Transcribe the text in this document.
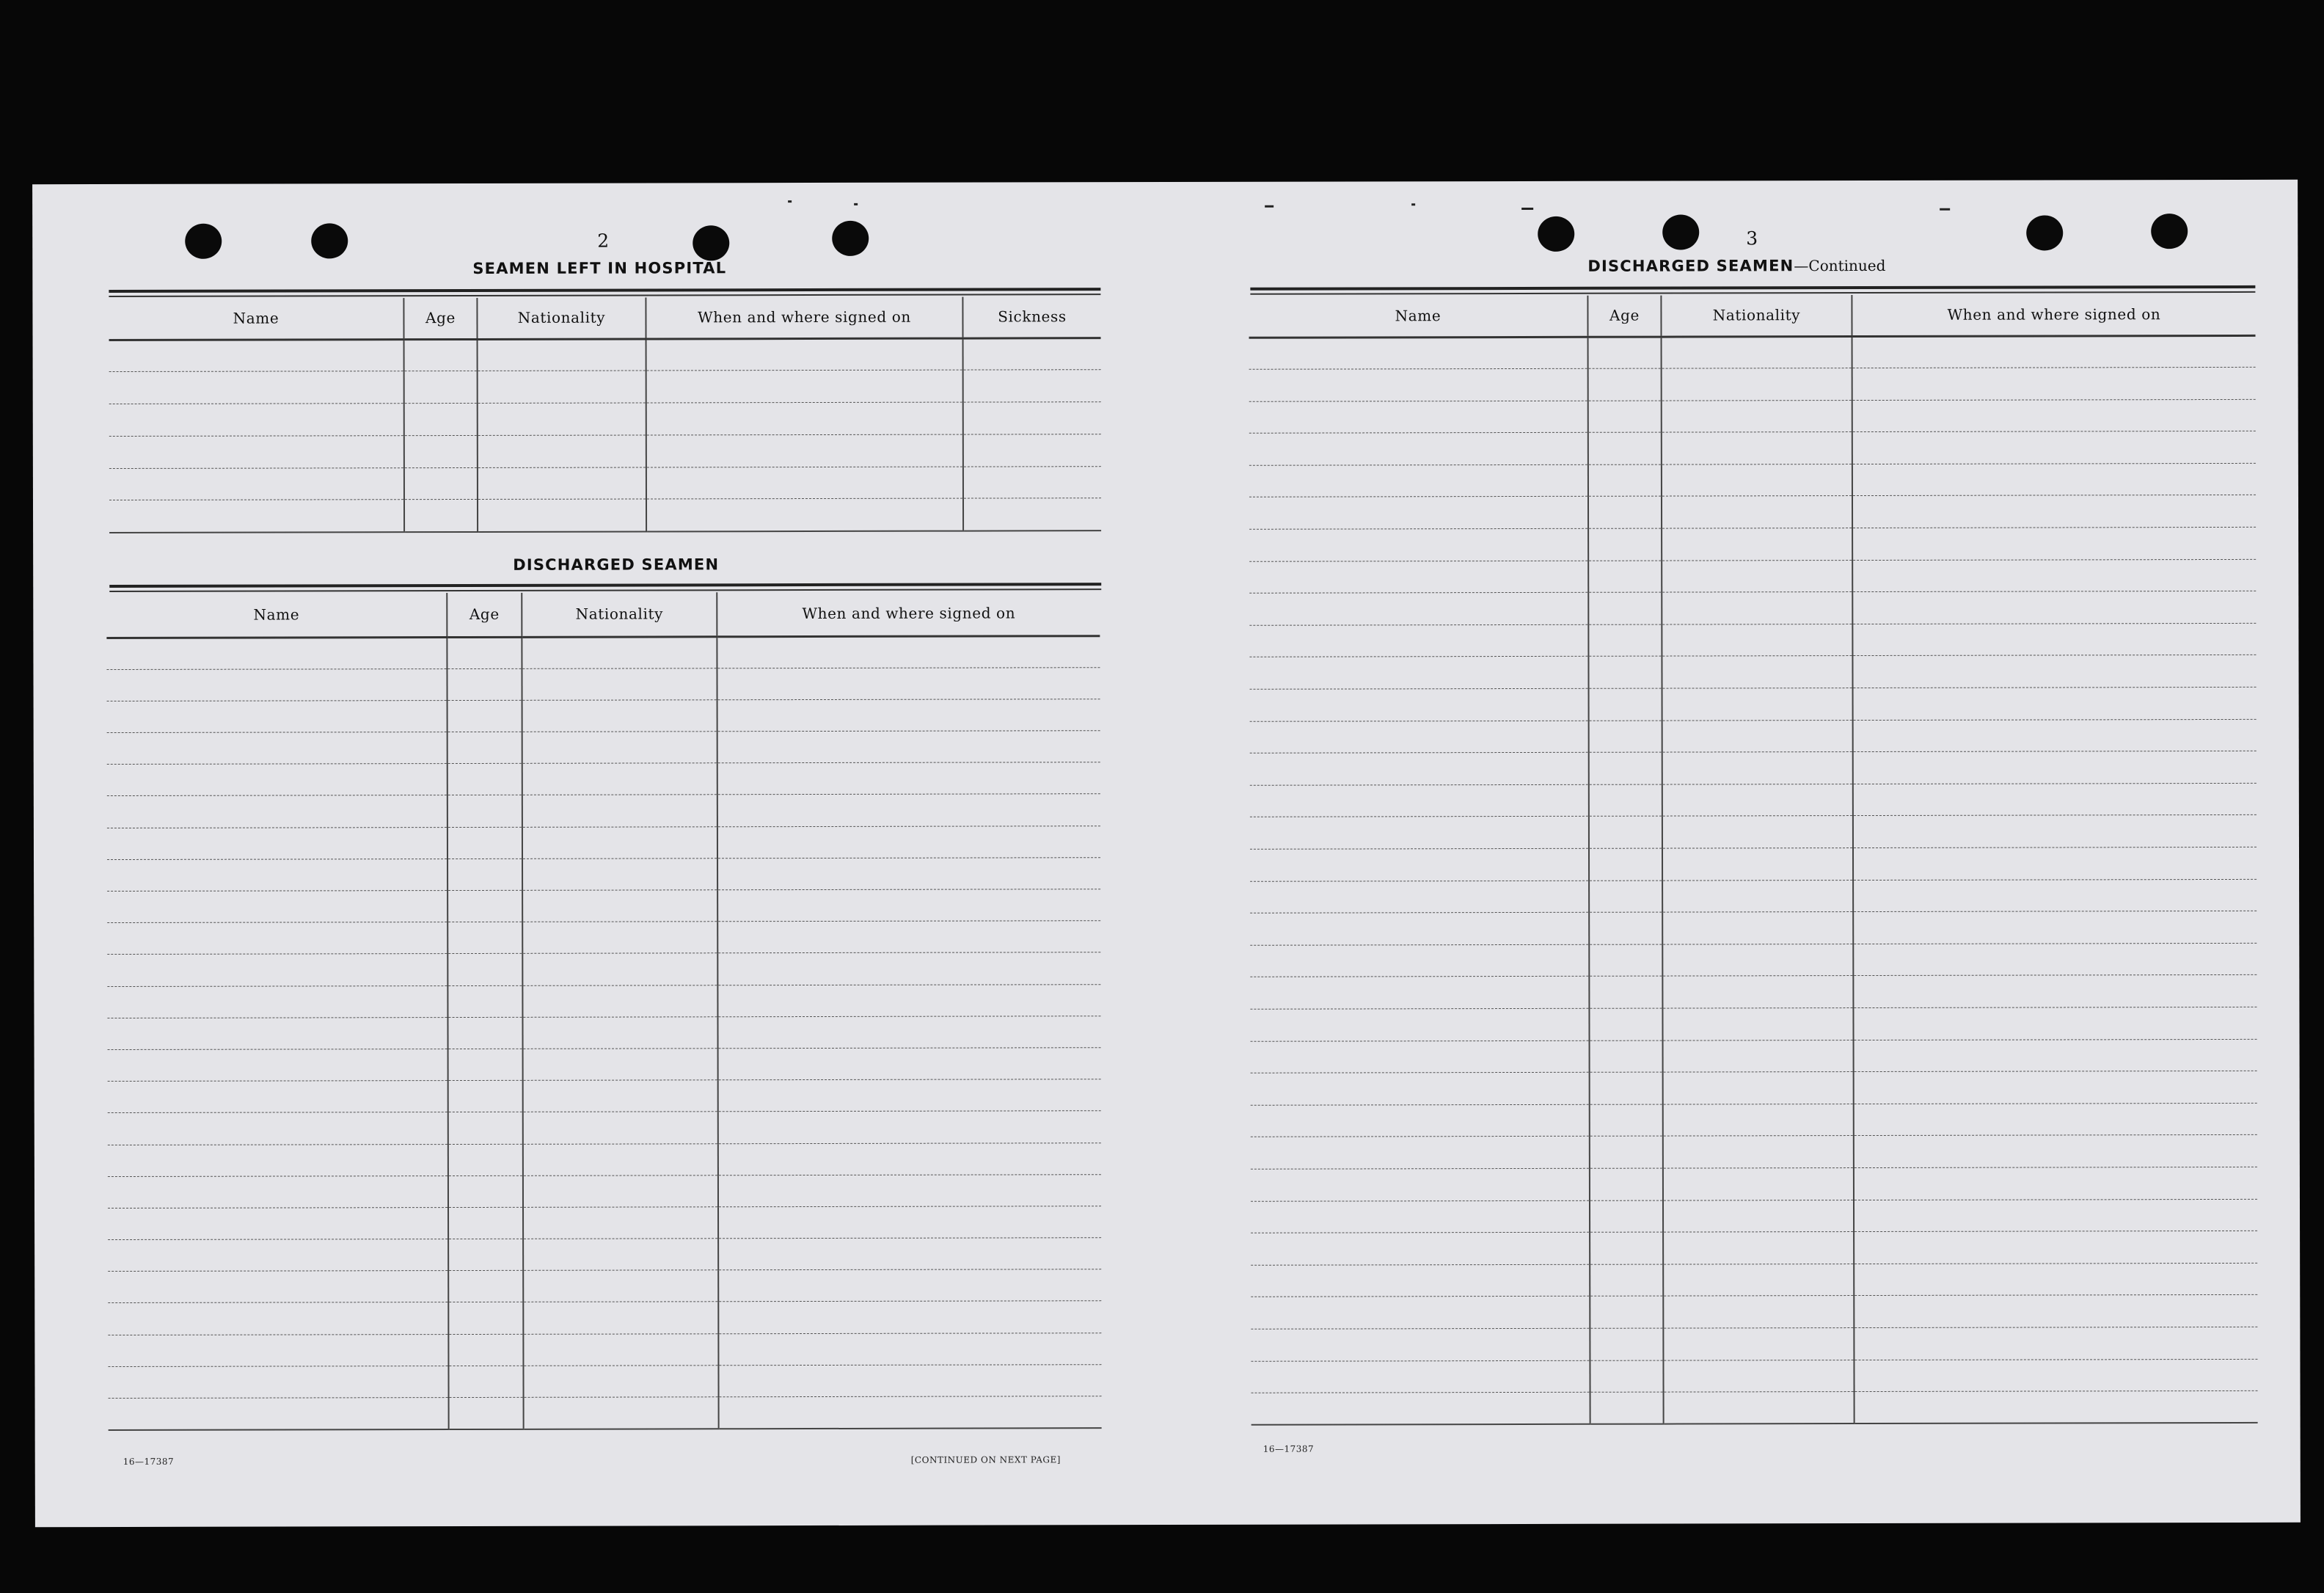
2
SEAMEN LEFT IN HOSPITAL
Name	Age	Nationality	When and where signed on	Sickness

DISCHARGED SEAMEN
Name	Age	Nationality	When and where signed on

16—17387	[CONTINUED ON NEXT PAGE]
3
DISCHARGED SEAMEN—Continued
Name	Age	Nationality	When and where signed on

16—17387
